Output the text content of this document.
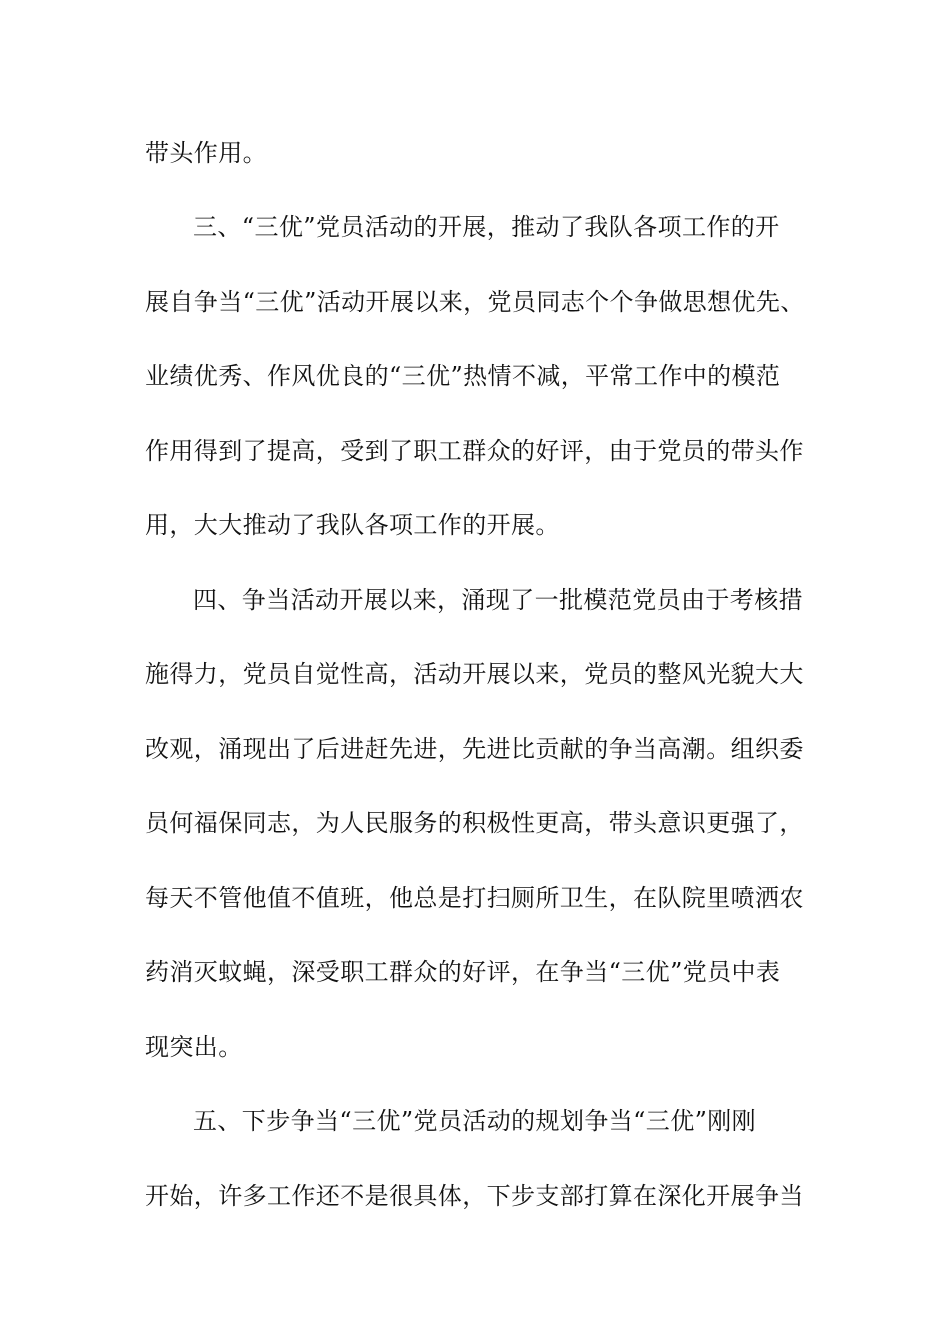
带头作用。
三、“三优”党员活动的开展，推动了我队各项工作的开
展自争当“三优”活动开展以来，党员同志个个争做思想优先、
业绩优秀、作风优良的“三优”热情不减，平常工作中的模范
作用得到了提高，受到了职工群众的好评，由于党员的带头作
用，大大推动了我队各项工作的开展。
四、争当活动开展以来，涌现了一批模范党员由于考核措
施得力，党员自觉性高，活动开展以来，党员的整风光貌大大
改观，涌现出了后进赶先进，先进比贡献的争当高潮。组织委
员何福保同志，为人民服务的积极性更高，带头意识更强了，
每天不管他值不值班，他总是打扫厕所卫生，在队院里喷洒农
药消灭蚊蝇，深受职工群众的好评，在争当“三优”党员中表
现突出。
五、下步争当“三优”党员活动的规划争当“三优”刚刚
开始，许多工作还不是很具体，下步支部打算在深化开展争当
